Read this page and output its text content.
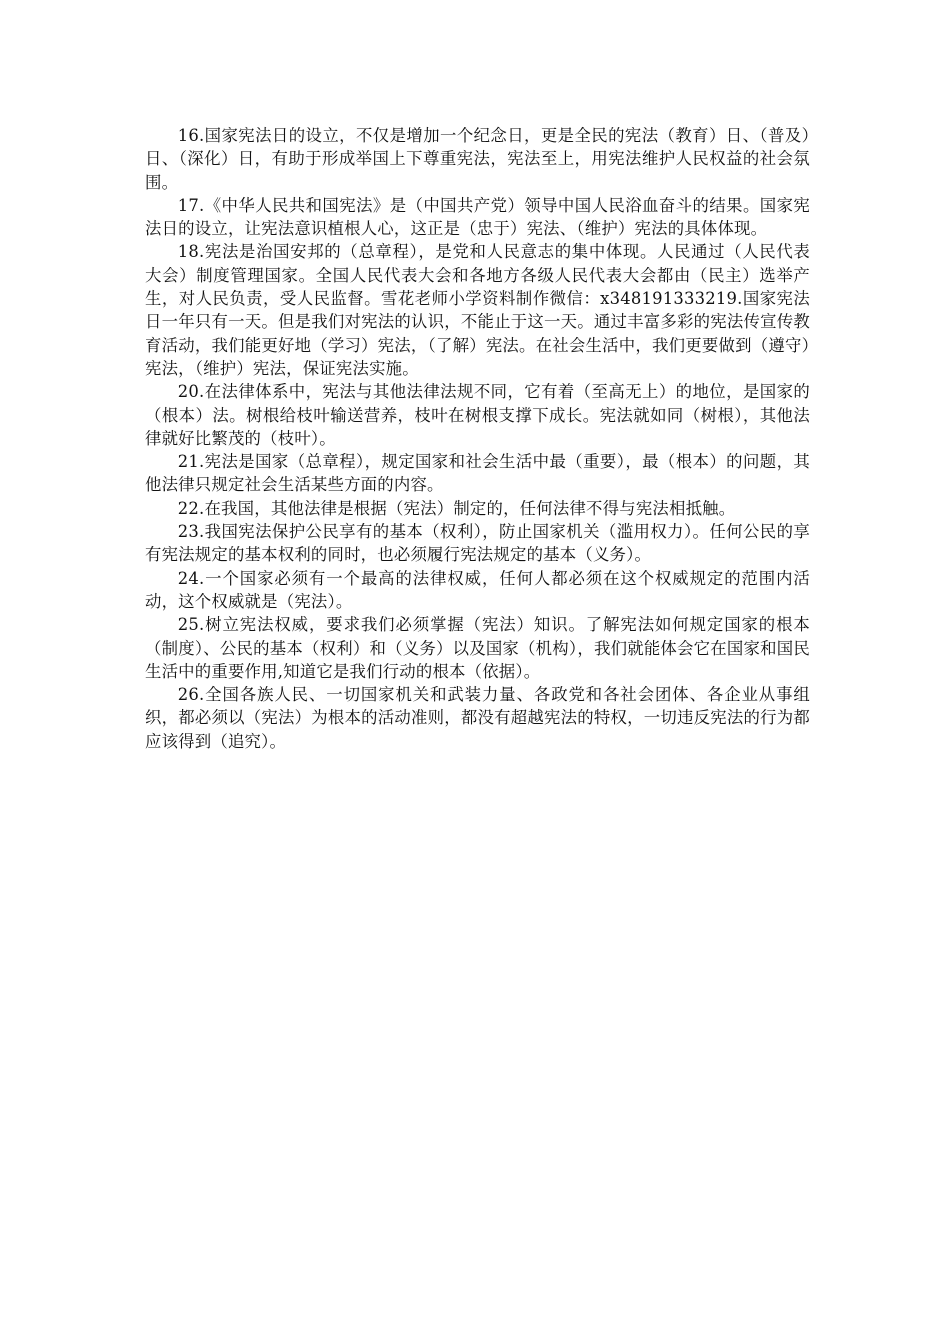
16.国家宪法日的设立，不仅是增加一个纪念日，更是全民的宪法（教育）日、（普及）日、（深化）日，有助于形成举国上下尊重宪法，宪法至上，用宪法维护人民权益的社会氛围。

17.《中华人民共和国宪法》是（中国共产党）领导中国人民浴血奋斗的结果。国家宪法日的设立，让宪法意识植根人心，这正是（忠于）宪法、（维护）宪法的具体体现。

18.宪法是治国安邦的（总章程），是党和人民意志的集中体现。人民通过（人民代表大会）制度管理国家。全国人民代表大会和各地方各级人民代表大会都由（民主）选举产生，对人民负责，受人民监督。雪花老师小学资料制作微信：x348191333219.国家宪法日一年只有一天。但是我们对宪法的认识，不能止于这一天。通过丰富多彩的宪法传宣传教育活动，我们能更好地（学习）宪法，（了解）宪法。在社会生活中，我们更要做到（遵守）宪法，（维护）宪法，保证宪法实施。

20.在法律体系中，宪法与其他法律法规不同，它有着（至高无上）的地位，是国家的（根本）法。树根给枝叶输送营养，枝叶在树根支撑下成长。宪法就如同（树根），其他法律就好比繁茂的（枝叶）。

21.宪法是国家（总章程），规定国家和社会生活中最（重要），最（根本）的问题，其他法律只规定社会生活某些方面的内容。

22.在我国，其他法律是根据（宪法）制定的，任何法律不得与宪法相抵触。

23.我国宪法保护公民享有的基本（权利），防止国家机关（滥用权力）。任何公民的享有宪法规定的基本权利的同时，也必须履行宪法规定的基本（义务）。

24.一个国家必须有一个最高的法律权威，任何人都必须在这个权威规定的范围内活动，这个权威就是（宪法）。

25.树立宪法权威，要求我们必须掌握（宪法）知识。了解宪法如何规定国家的根本（制度）、公民的基本（权利）和（义务）以及国家（机构），我们就能体会它在国家和国民生活中的重要作用,知道它是我们行动的根本（依据）。

26.全国各族人民、一切国家机关和武装力量、各政党和各社会团体、各企业从事组织，都必须以（宪法）为根本的活动准则，都没有超越宪法的特权，一切违反宪法的行为都应该得到（追究）。
